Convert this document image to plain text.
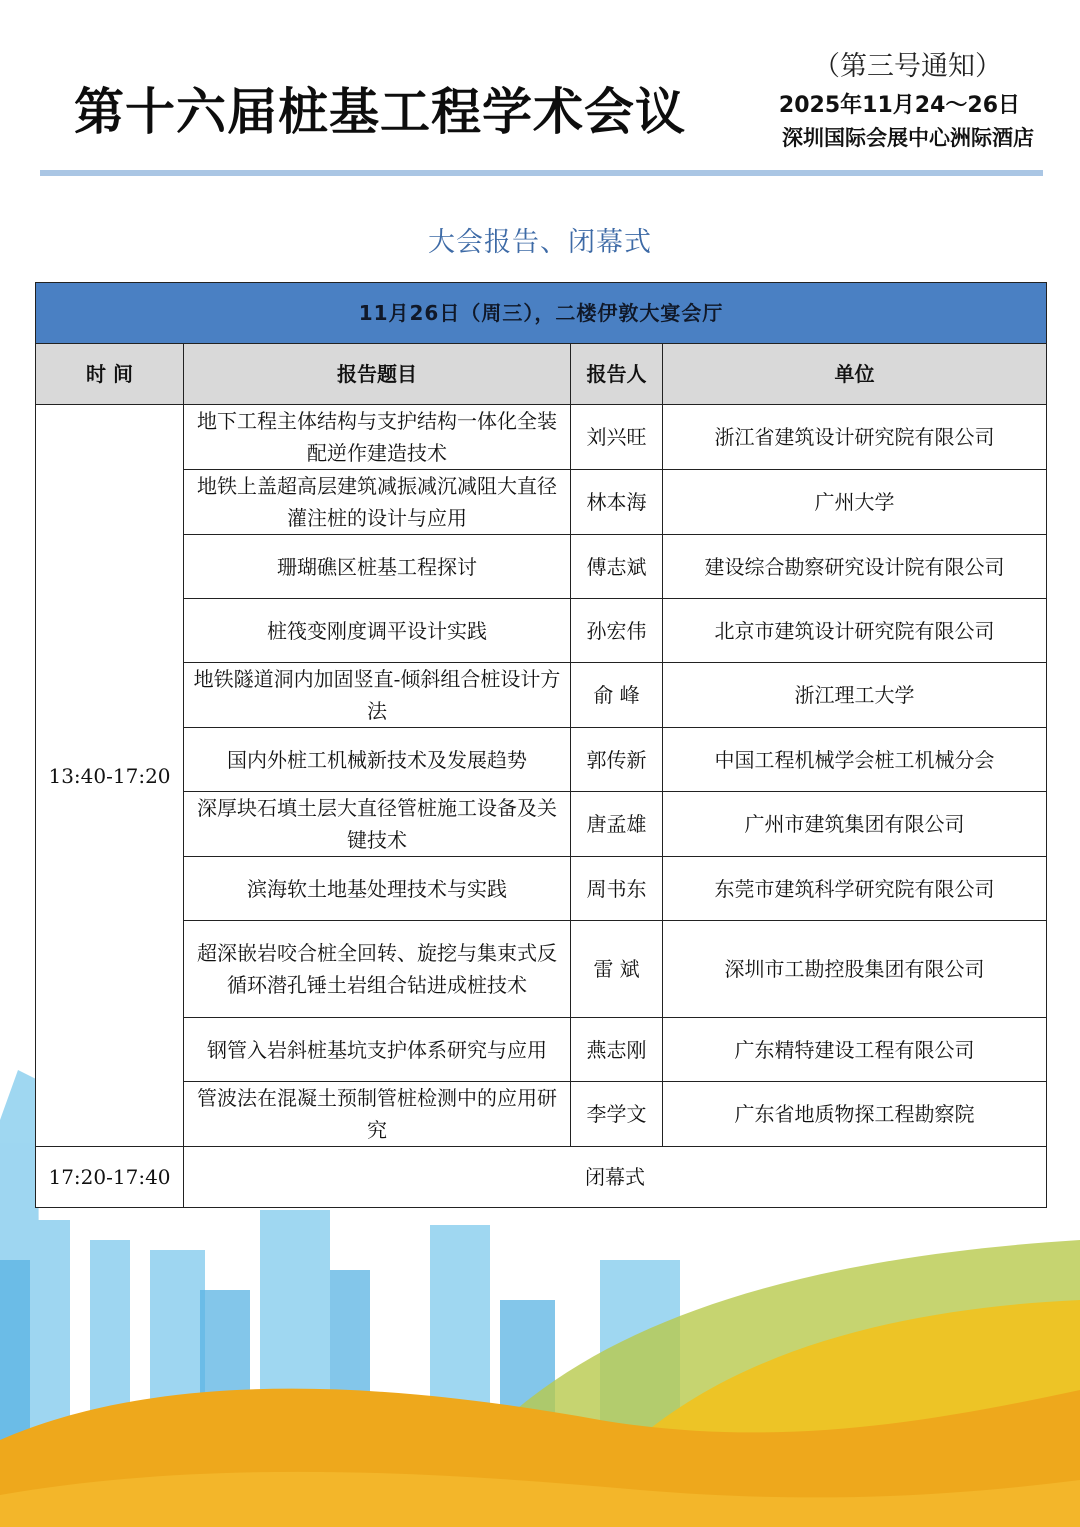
第十六届桩基工程学术会议
（第三号通知）
2025年11月24～26日
深圳国际会展中心洲际酒店
大会报告、闭幕式
11月26日（周三），二楼伊敦大宴会厅			
时 间	报告题目	报告人	单位
13:40-17:20	地下工程主体结构与支护结构一体化全装配逆作建造技术	刘兴旺	浙江省建筑设计研究院有限公司
	地铁上盖超高层建筑减振减沉减阻大直径灌注桩的设计与应用	林本海	广州大学
	珊瑚礁区桩基工程探讨	傅志斌	建设综合勘察研究设计院有限公司
	桩筏变刚度调平设计实践	孙宏伟	北京市建筑设计研究院有限公司
	地铁隧道洞内加固竖直-倾斜组合桩设计方法	俞 峰	浙江理工大学
	国内外桩工机械新技术及发展趋势	郭传新	中国工程机械学会桩工机械分会
	深厚块石填土层大直径管桩施工设备及关键技术	唐孟雄	广州市建筑集团有限公司
	滨海软土地基处理技术与实践	周书东	东莞市建筑科学研究院有限公司
	超深嵌岩咬合桩全回转、旋挖与集束式反循环潜孔锤土岩组合钻进成桩技术	雷 斌	深圳市工勘控股集团有限公司
	钢管入岩斜桩基坑支护体系研究与应用	燕志刚	广东精特建设工程有限公司
	管波法在混凝土预制管桩检测中的应用研究	李学文	广东省地质物探工程勘察院
17:20-17:40	闭幕式		
